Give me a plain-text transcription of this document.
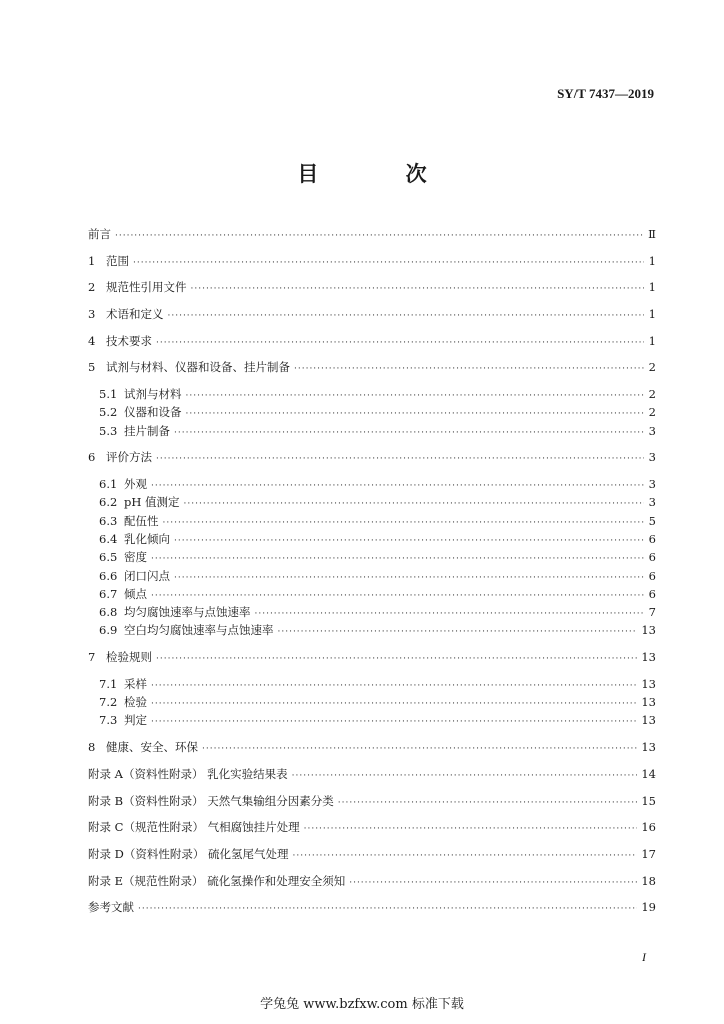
SY/T 7437—2019
目 次
前言 ·····	Ⅱ
1 范围 ·····	1
2 规范性引用文件 ·····	1
3 术语和定义 ·····	1
4 技术要求 ·····	1
5 试剂与材料、仪器和设备、挂片制备 ·····	2
5.1 试剂与材料 ·····	2
5.2 仪器和设备 ·····	2
5.3 挂片制备 ·····	3
6 评价方法 ·····	3
6.1 外观 ·····	3
6.2 pH 值测定 ·····	3
6.3 配伍性 ·····	5
6.4 乳化倾向 ·····	6
6.5 密度 ·····	6
6.6 闭口闪点 ·····	6
6.7 倾点 ·····	6
6.8 均匀腐蚀速率与点蚀速率 ·····	7
6.9 空白均匀腐蚀速率与点蚀速率 ·····	13
7 检验规则 ·····	13
7.1 采样 ·····	13
7.2 检验 ·····	13
7.3 判定 ·····	13
8 健康、安全、环保 ·····	13
附录 A（资料性附录） 乳化实验结果表 ·····	14
附录 B（资料性附录） 天然气集输组分因素分类 ·····	15
附录 C（规范性附录） 气相腐蚀挂片处理 ·····	16
附录 D（资料性附录） 硫化氢尾气处理 ·····	17
附录 E（规范性附录） 硫化氢操作和处理安全须知 ·····	18
参考文献 ·····	19
I
学兔兔 www.bzfxw.com 标准下载
